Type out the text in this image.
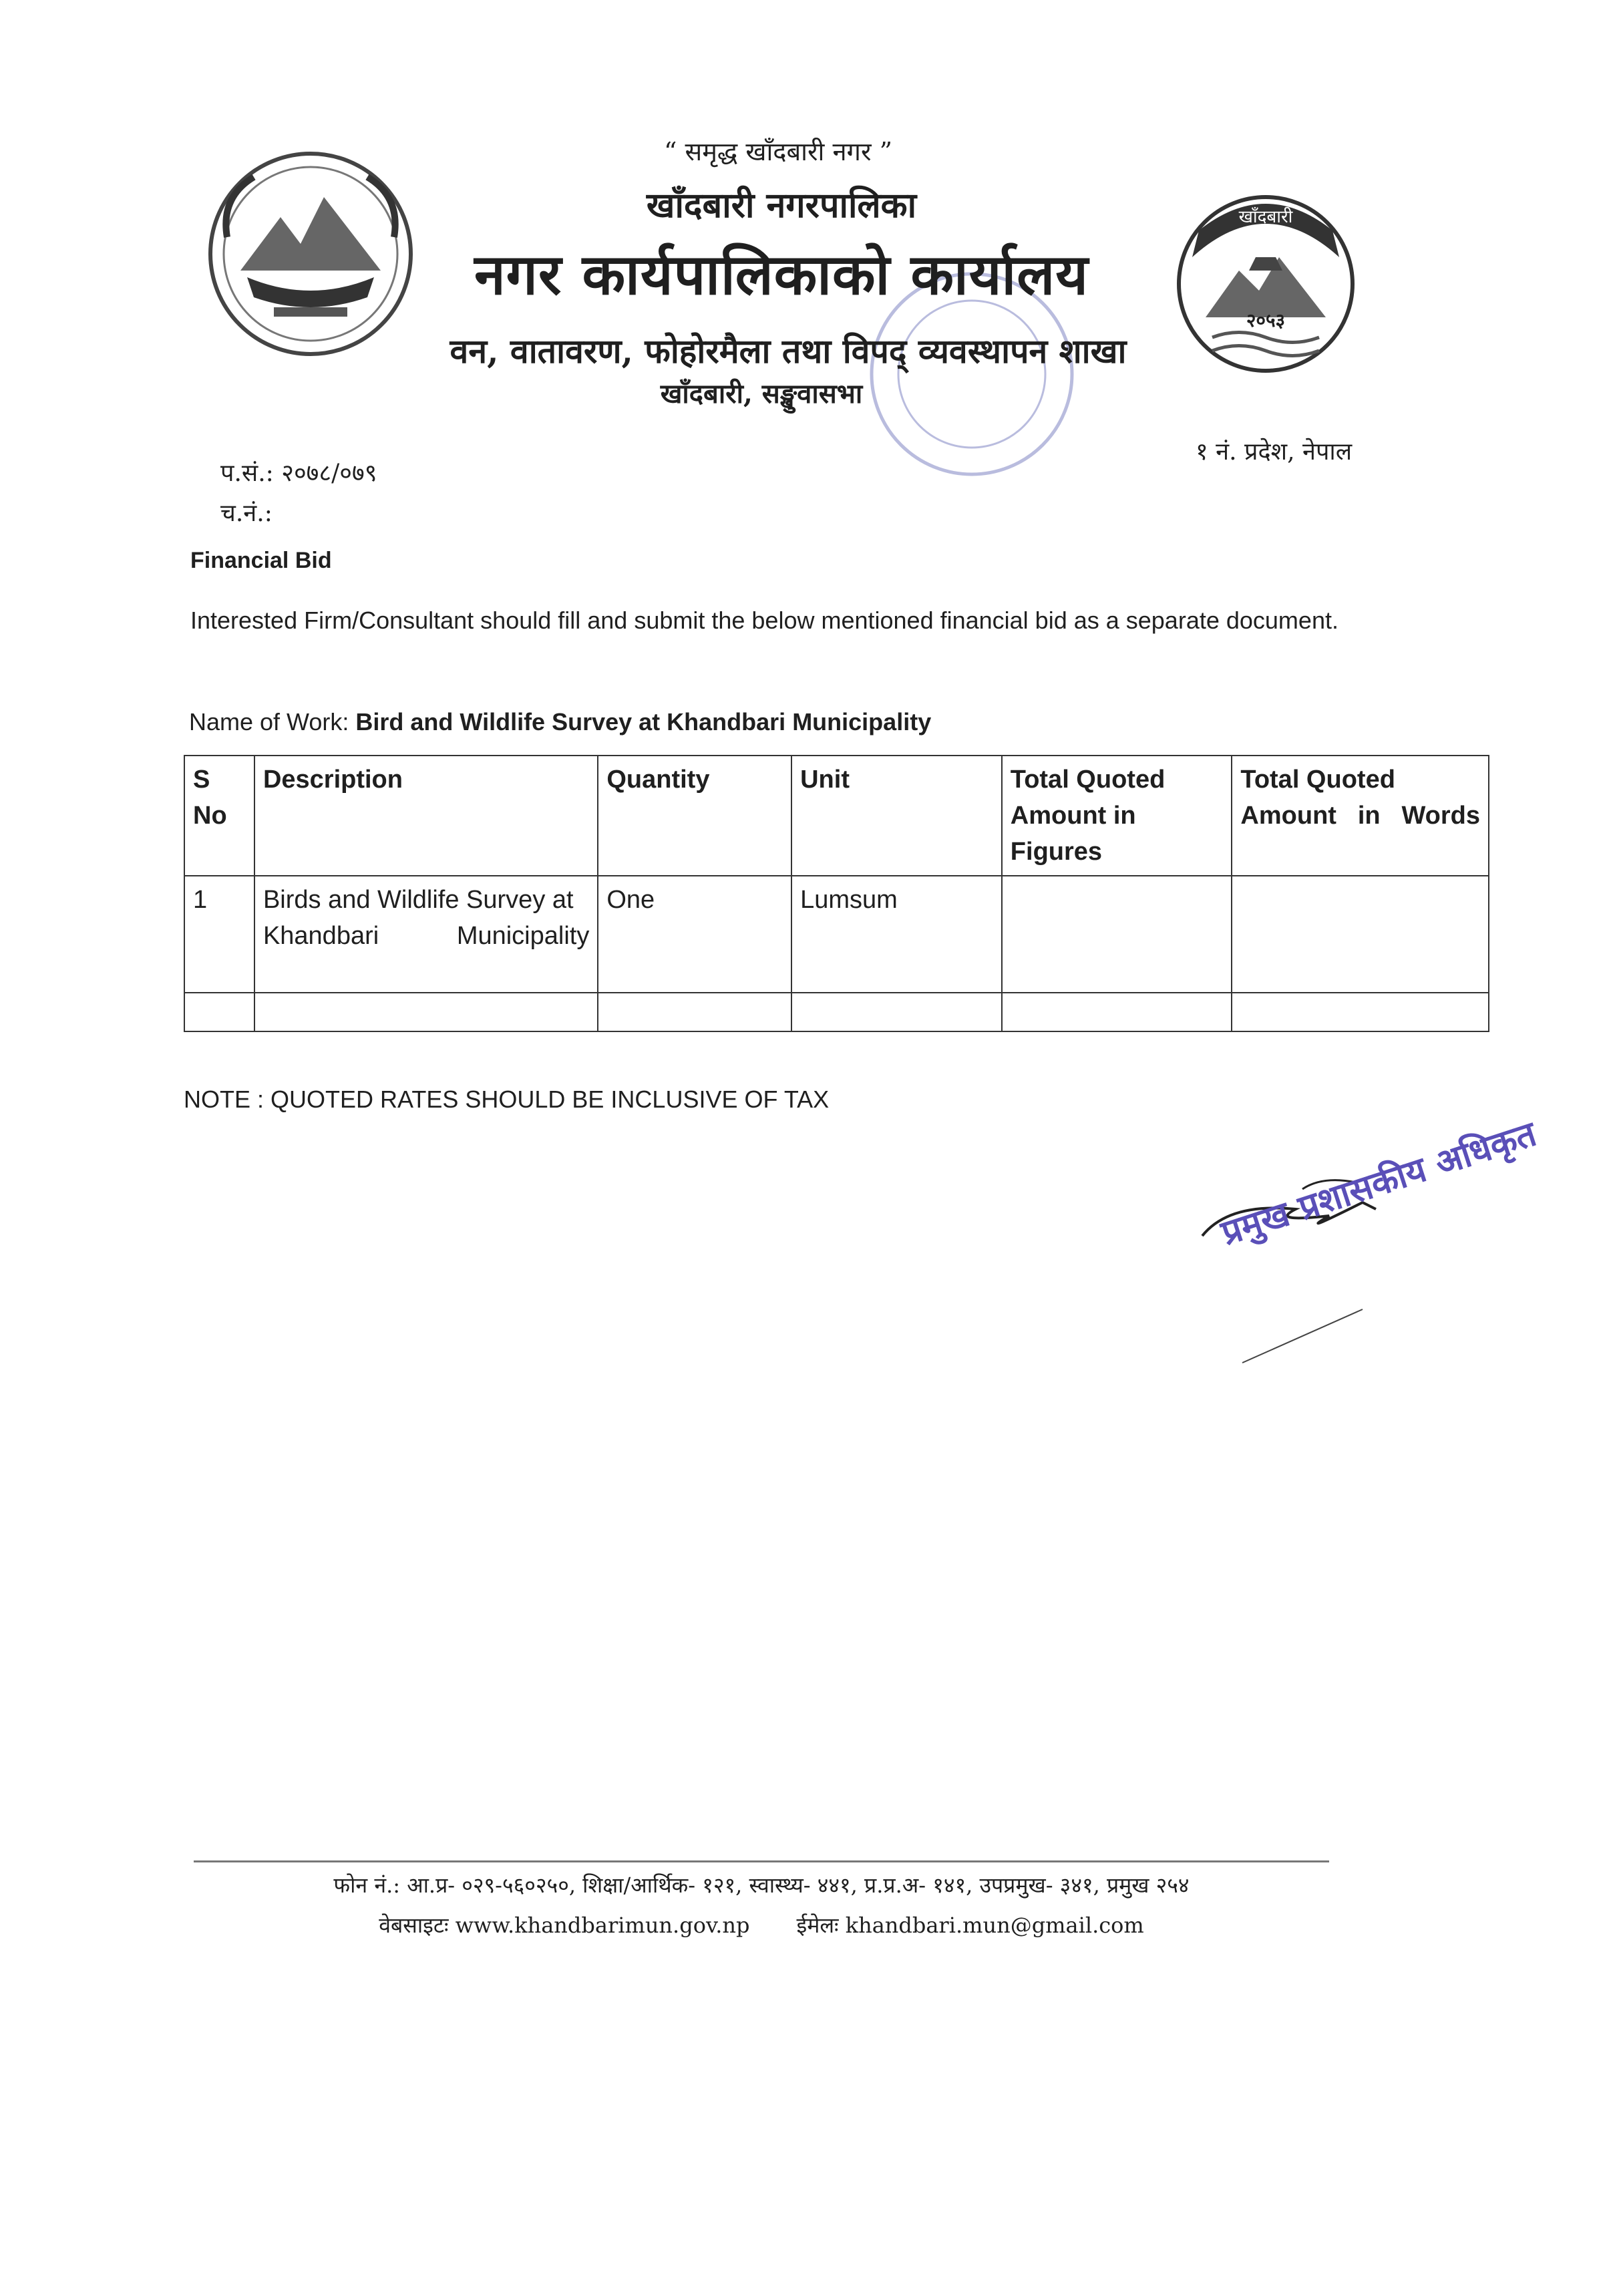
खाँदबारी नगरपालिका
२०५३
“ समृद्ध खाँदबारी नगर ”
खाँदबारी नगरपालिका
नगर कार्यपालिकाको कार्यालय
वन, वातावरण, फोहोरमैला तथा विपद् व्यवस्थापन शाखा
खाँदबारी, सङ्खुवासभा
१ नं. प्रदेश, नेपाल
प.सं.: २०७८/०७९
च.नं.:
Financial Bid
Interested Firm/Consultant should fill and submit the below mentioned financial bid as a separate document.
Name of Work: Bird and Wildlife Survey at Khandbari Municipality
S No	Description	Quantity	Unit	Total Quoted Amount in Figures	Total Quoted Amount in Words
1	Birds and Wildlife Survey at Khandbari Municipality	One	Lumsum		

NOTE : QUOTED RATES SHOULD BE INCLUSIVE OF TAX
प्रमुख प्रशासकीय अधिकृत
फोन नं.: आ.प्र- ०२९-५६०२५०, शिक्षा/आर्थिक- १२१, स्वास्थ्य- ४४१, प्र.प्र.अ- १४१, उपप्रमुख- ३४१, प्रमुख २५४
वेबसाइटः www.khandbarimun.gov.np ईमेलः khandbari.mun@gmail.com
